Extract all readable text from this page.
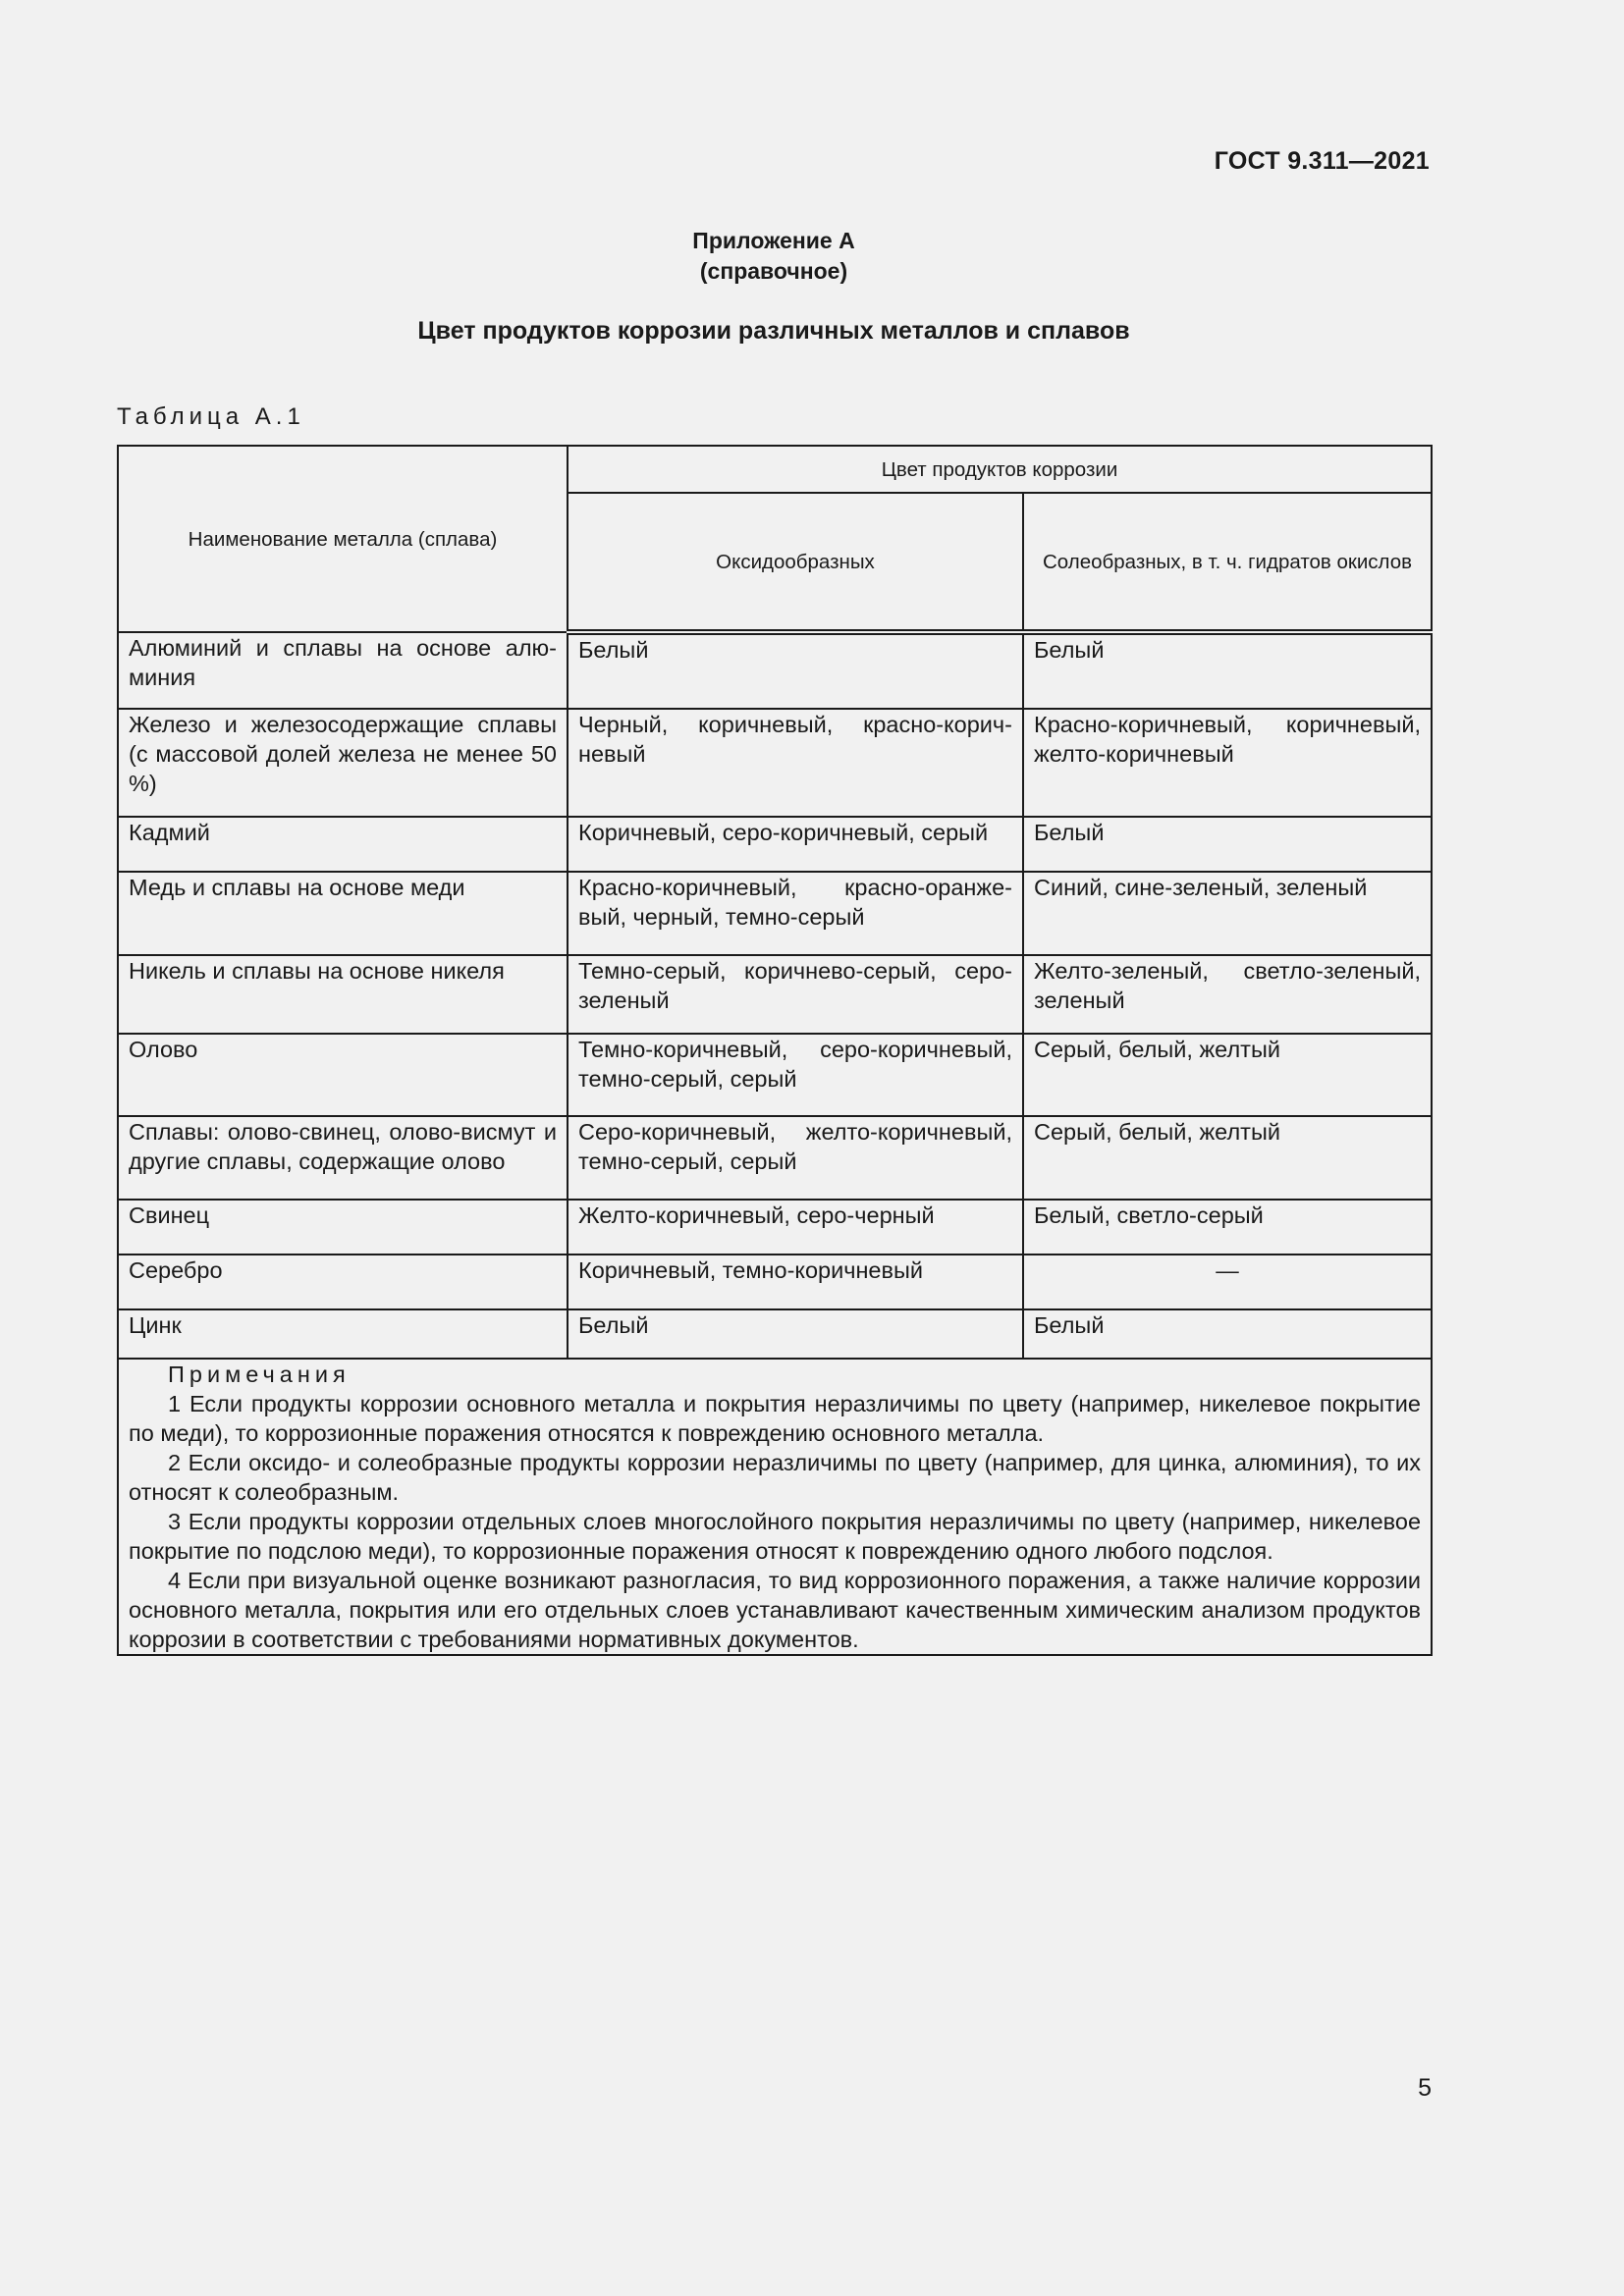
ГОСТ 9.311—2021
Приложение А
(справочное)
Цвет продуктов коррозии различных металлов и сплавов
Таблица А.1
Наименование металла (сплава)	Цвет продуктов коррозии	
	Оксидообразных	Солеобразных, в т. ч. гидратов окислов
Алюминий и сплавы на основе алю-миния	Белый	Белый
Железо и железосодержащие сплавы (с массовой долей железа не менее 50 %)	Черный, коричневый, красно-корич-невый	Красно-коричневый, коричневый, желто-коричневый
Кадмий	Коричневый, серо-коричневый, серый	Белый
Медь и сплавы на основе меди	Красно-коричневый, красно-оранже-вый, черный, темно-серый	Синий, сине-зеленый, зеленый
Никель и сплавы на основе никеля	Темно-серый, коричнево-серый, серо-зеленый	Желто-зеленый, светло-зеленый, зеленый
Олово	Темно-коричневый, серо-коричневый, темно-серый, серый	Серый, белый, желтый
Сплавы: олово-свинец, олово-висмут и другие сплавы, содержащие олово	Серо-коричневый, желто-коричневый, темно-серый, серый	Серый, белый, желтый
Свинец	Желто-коричневый, серо-черный	Белый, светло-серый
Серебро	Коричневый, темно-коричневый	—
Цинк	Белый	Белый

Примечания
1 Если продукты коррозии основного металла и покрытия неразличимы по цвету (например, никелевое покрытие по меди), то коррозионные поражения относятся к повреждению основного металла.
2 Если оксидо- и солеобразные продукты коррозии неразличимы по цвету (например, для цинка, алюминия), то их относят к солеобразным.
3 Если продукты коррозии отдельных слоев многослойного покрытия неразличимы по цвету (например, никелевое покрытие по подслою меди), то коррозионные поражения относят к повреждению одного любого подслоя.
4 Если при визуальной оценке возникают разногласия, то вид коррозионного поражения, а также наличие коррозии основного металла, покрытия или его отдельных слоев устанавливают качественным химическим анализом продуктов коррозии в соответствии с требованиями нормативных документов.		
5
